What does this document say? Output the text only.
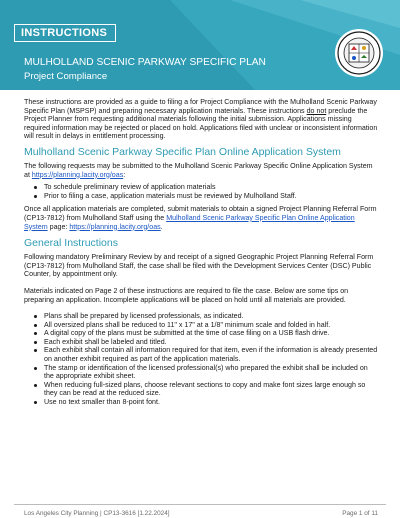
INSTRUCTIONS
MULHOLLAND SCENIC PARKWAY SPECIFIC PLAN
Project Compliance

These instructions are provided as a guide to filing a for Project Compliance with the Mulholland Scenic Parkway Specific Plan (MSPSP) and preparing necessary application materials. These instructions do not preclude the Project Planner from requesting additional materials following the initial submission. Applications missing required information may be rejected or placed on hold. Applications filed with unclear or inconsistent information will result in delays in entitlement processing.

Mulholland Scenic Parkway Specific Plan Online Application System

The following requests may be submitted to the Mulholland Scenic Parkway Specific Online Application System at https://planning.lacity.org/oas:

To schedule preliminary review of application materials
Prior to filing a case, application materials must be reviewed by Mulholland Staff.

Once all application materials are completed, submit materials to obtain a signed Project Planning Referral Form (CP13-7812) from Mulholland Staff using the Mulholland Scenic Parkway Specific Plan Online Application System page: https://planning.lacity.org/oas.

General Instructions

Following mandatory Preliminary Review by and receipt of a signed Geographic Project Planning Referral Form (CP13-7812) from Mulholland Staff, the case shall be filed with the Development Services Center (DSC) Public Counter, by appointment only.

Materials indicated on Page 2 of these instructions are required to file the case. Below are some tips on preparing an application. Incomplete applications will be placed on hold until all materials are provided.

Plans shall be prepared by licensed professionals, as indicated.
All oversized plans shall be reduced to 11" x 17" at a 1/8" minimum scale and folded in half.
A digital copy of the plans must be submitted at the time of case filing on a USB flash drive.
Each exhibit shall be labeled and titled.
Each exhibit shall contain all information required for that item, even if the information is already presented on another exhibit required as part of the application materials.
The stamp or identification of the licensed professional(s) who prepared the exhibit shall be included on the appropriate exhibit sheet.
When reducing full-sized plans, choose relevant sections to copy and make font sizes large enough so they can be read at the reduced size.
Use no text smaller than 8-point font.
Los Angeles City Planning | CP13-3616 [1.22.2024]	Page 1 of 11
